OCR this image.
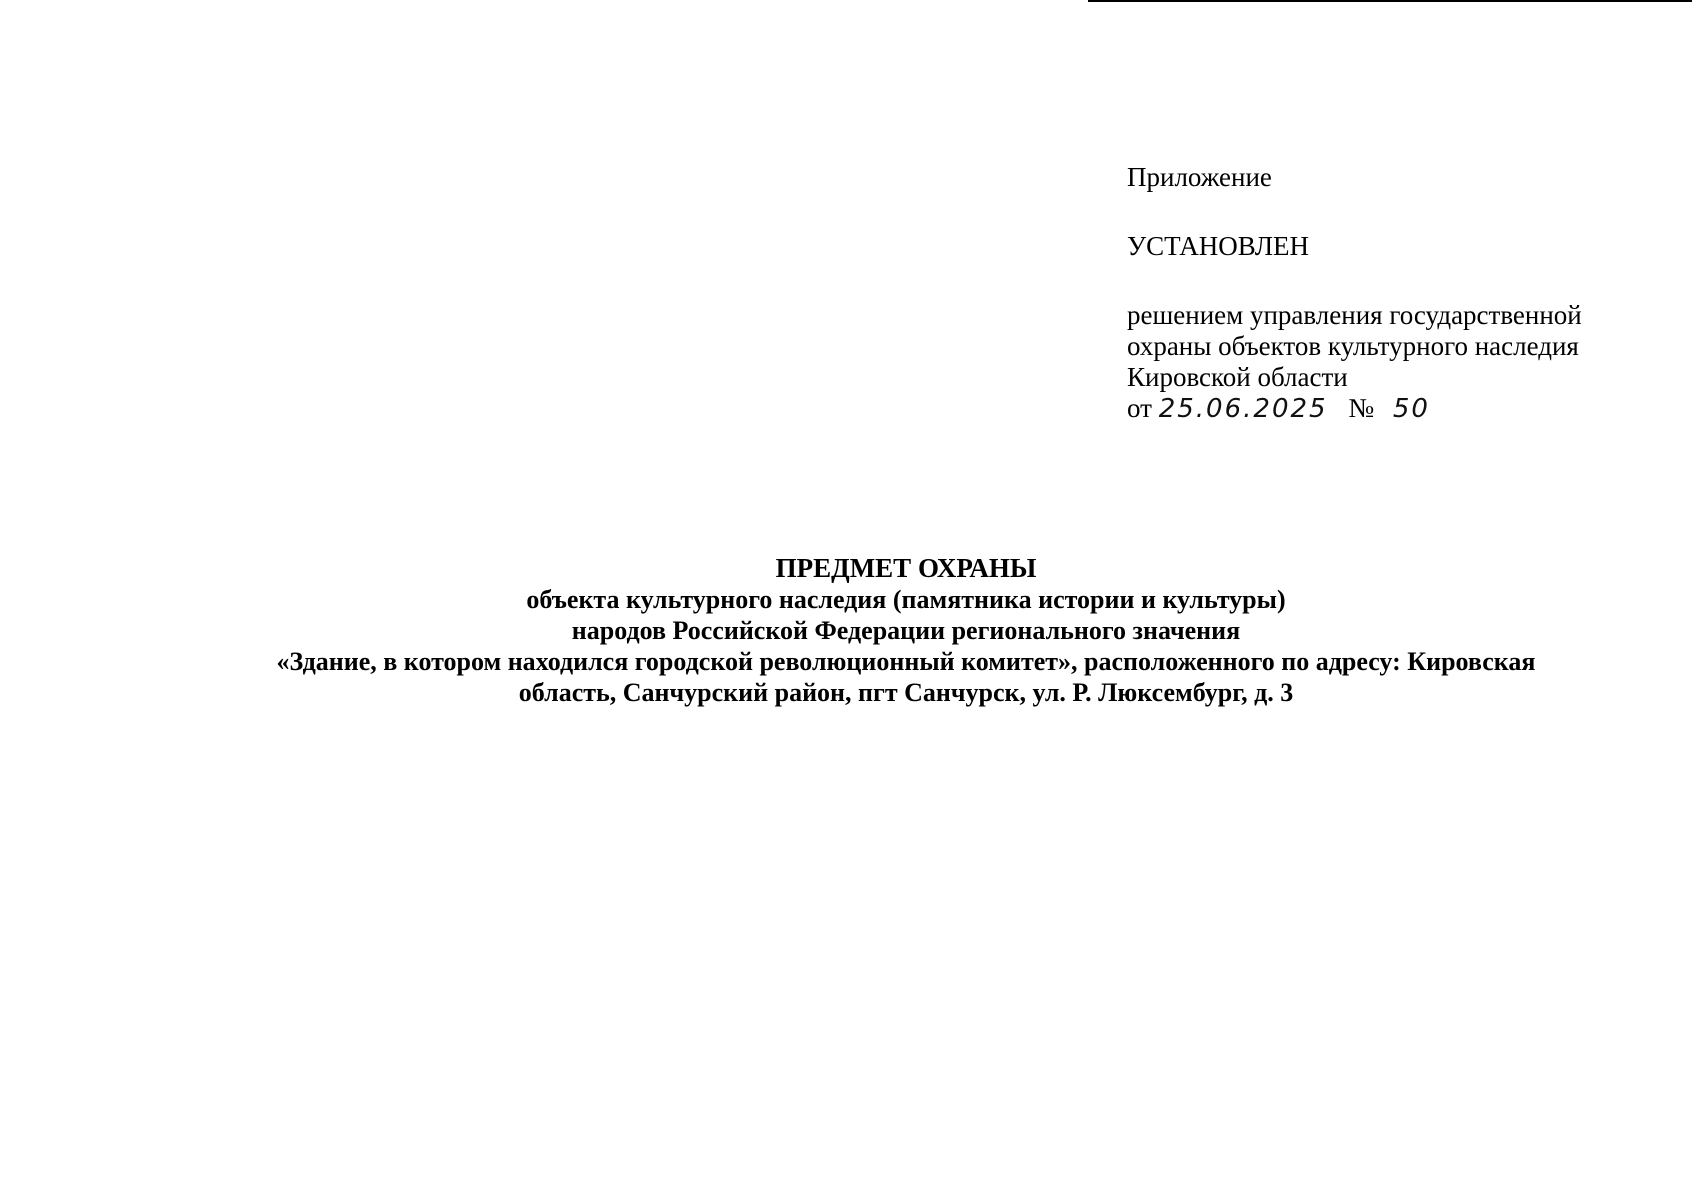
Приложение
УСТАНОВЛЕН
решением управления государственной
охраны объектов культурного наследия
Кировской области
от 25.06.2025 № 50
ПРЕДМЕТ ОХРАНЫ
объекта культурного наследия (памятника истории и культуры)
народов Российской Федерации регионального значения
«Здание, в котором находился городской революционный комитет», расположенного по адресу: Кировская
область, Санчурский район, пгт Санчурск, ул. Р. Люксембург, д. 3
